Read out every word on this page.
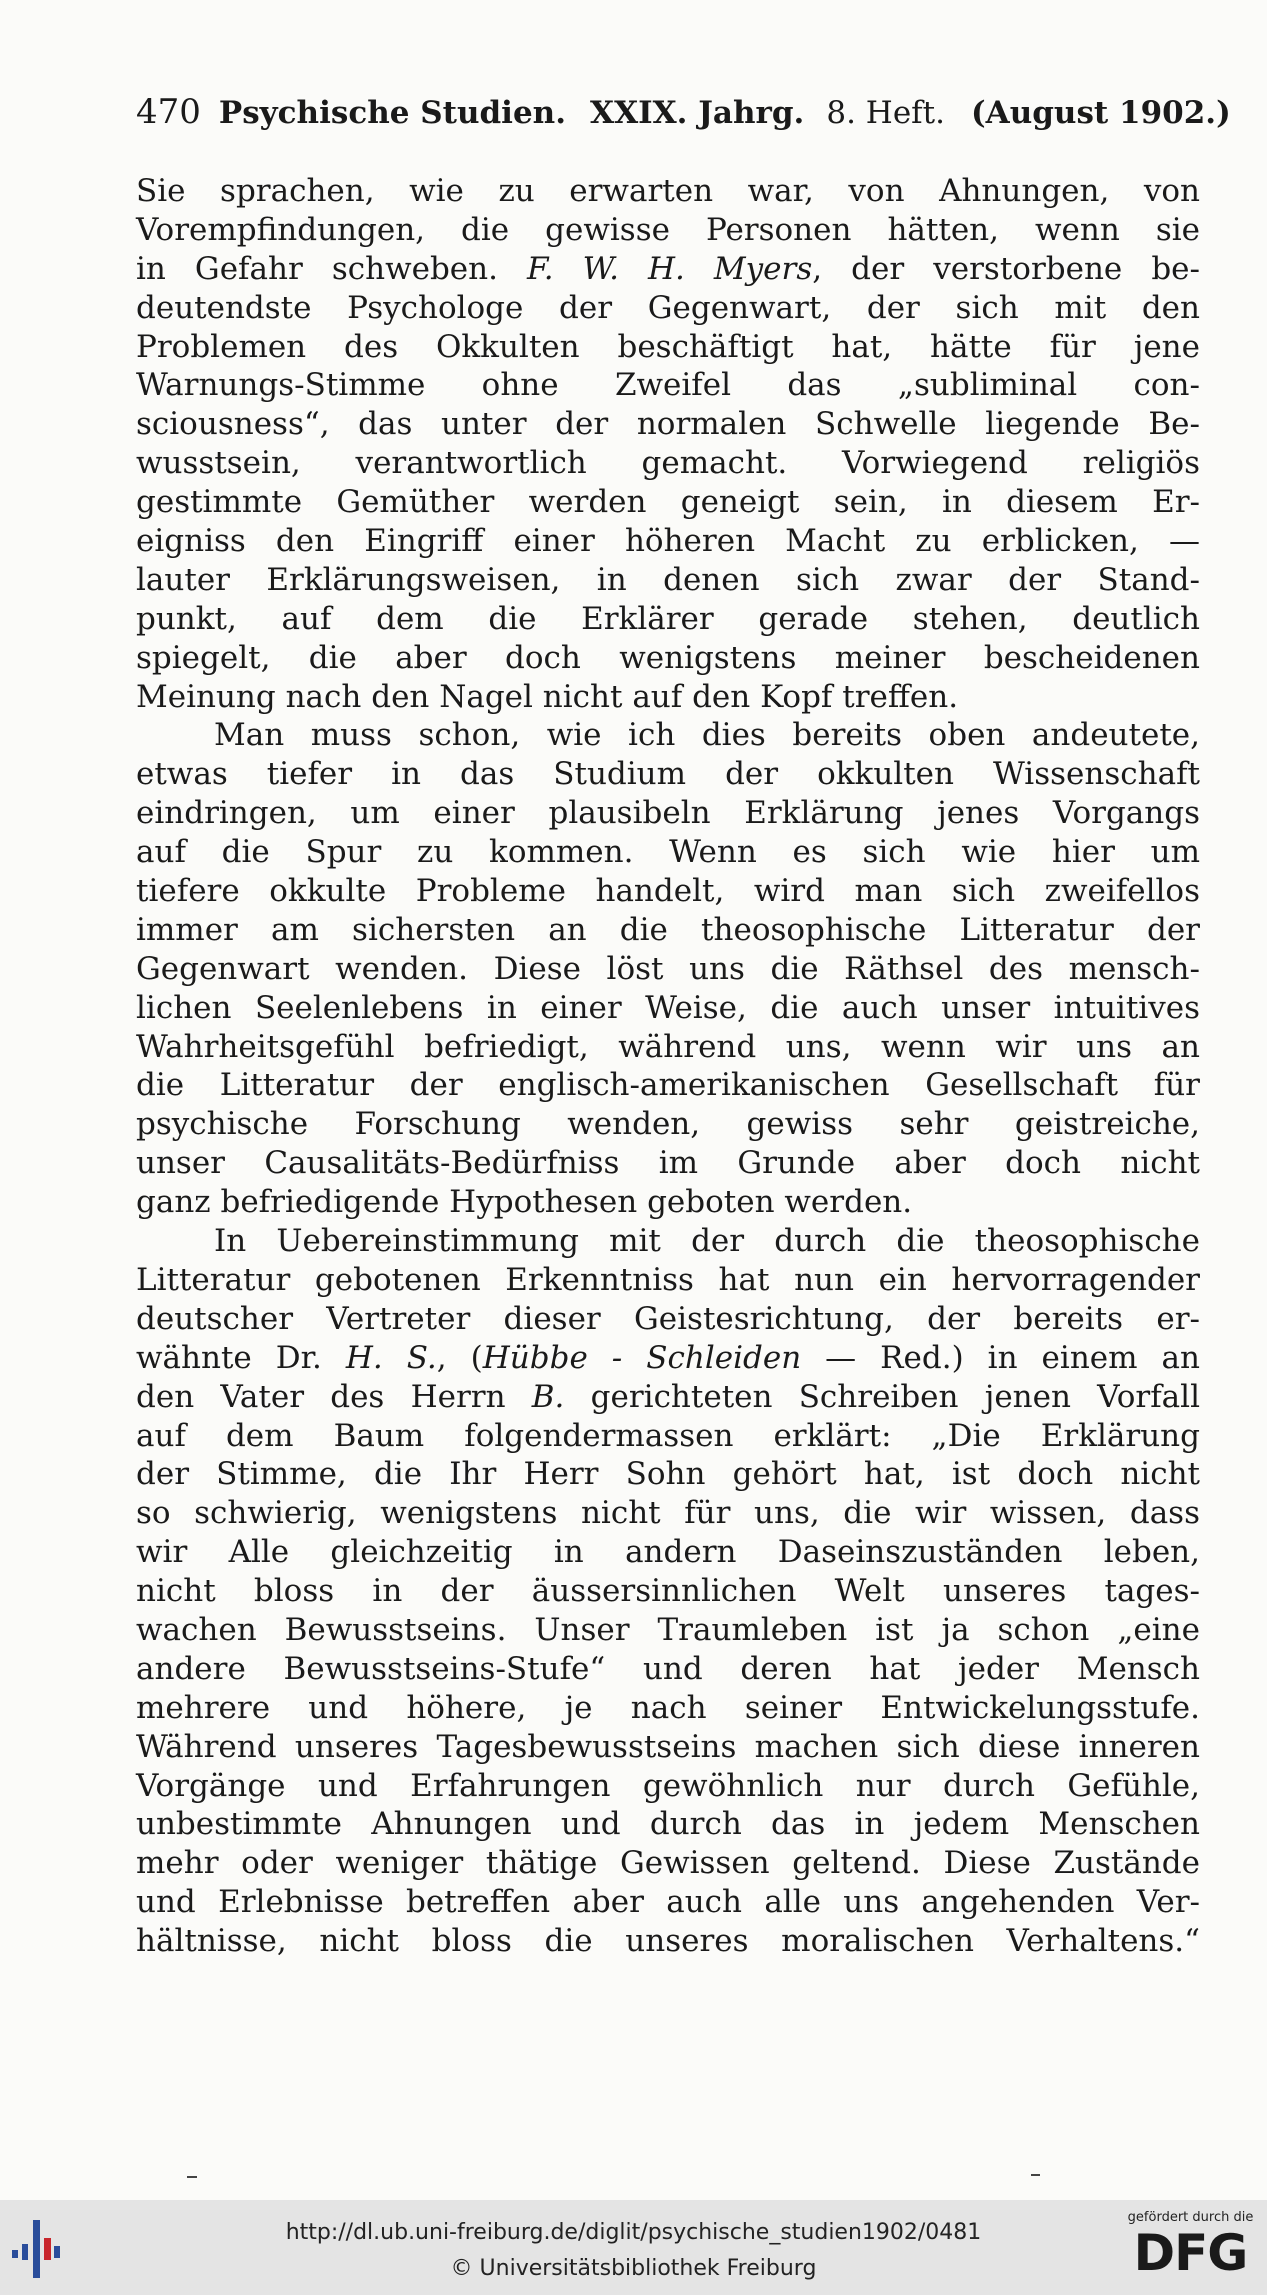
470 Psychische Studien. XXIX. Jahrg. 8. Heft. (August 1902.)
Sie sprachen, wie zu erwarten war, von Ahnungen, von
Vorempfindungen, die gewisse Personen hätten, wenn sie
in Gefahr schweben. F. W. H. Myers, der verstorbene be-
deutendste Psychologe der Gegenwart, der sich mit den
Problemen des Okkulten beschäftigt hat, hätte für jene
Warnungs-Stimme ohne Zweifel das „subliminal con-
sciousness“, das unter der normalen Schwelle liegende Be-
wusstsein, verantwortlich gemacht. Vorwiegend religiös
gestimmte Gemüther werden geneigt sein, in diesem Er-
eigniss den Eingriff einer höheren Macht zu erblicken, —
lauter Erklärungsweisen, in denen sich zwar der Stand-
punkt, auf dem die Erklärer gerade stehen, deutlich
spiegelt, die aber doch wenigstens meiner bescheidenen
Meinung nach den Nagel nicht auf den Kopf treffen.
Man muss schon, wie ich dies bereits oben andeutete,
etwas tiefer in das Studium der okkulten Wissenschaft
eindringen, um einer plausibeln Erklärung jenes Vorgangs
auf die Spur zu kommen. Wenn es sich wie hier um
tiefere okkulte Probleme handelt, wird man sich zweifellos
immer am sichersten an die theosophische Litteratur der
Gegenwart wenden. Diese löst uns die Räthsel des mensch-
lichen Seelenlebens in einer Weise, die auch unser intuitives
Wahrheitsgefühl befriedigt, während uns, wenn wir uns an
die Litteratur der englisch-amerikanischen Gesellschaft für
psychische Forschung wenden, gewiss sehr geistreiche,
unser Causalitäts-Bedürfniss im Grunde aber doch nicht
ganz befriedigende Hypothesen geboten werden.
In Uebereinstimmung mit der durch die theosophische
Litteratur gebotenen Erkenntniss hat nun ein hervorragender
deutscher Vertreter dieser Geistesrichtung, der bereits er-
wähnte Dr. H. S., (Hübbe - Schleiden — Red.) in einem an
den Vater des Herrn B. gerichteten Schreiben jenen Vorfall
auf dem Baum folgendermassen erklärt: „Die Erklärung
der Stimme, die Ihr Herr Sohn gehört hat, ist doch nicht
so schwierig, wenigstens nicht für uns, die wir wissen, dass
wir Alle gleichzeitig in andern Daseinszuständen leben,
nicht bloss in der äussersinnlichen Welt unseres tages-
wachen Bewusstseins. Unser Traumleben ist ja schon „eine
andere Bewusstseins-Stufe“ und deren hat jeder Mensch
mehrere und höhere, je nach seiner Entwickelungsstufe.
Während unseres Tagesbewusstseins machen sich diese inneren
Vorgänge und Erfahrungen gewöhnlich nur durch Gefühle,
unbestimmte Ahnungen und durch das in jedem Menschen
mehr oder weniger thätige Gewissen geltend. Diese Zustände
und Erlebnisse betreffen aber auch alle uns angehenden Ver-
hältnisse, nicht bloss die unseres moralischen Verhaltens.“
http://dl.ub.uni-freiburg.de/diglit/psychische_studien1902/0481
© Universitätsbibliothek Freiburg
gefördert durch die
DFG
